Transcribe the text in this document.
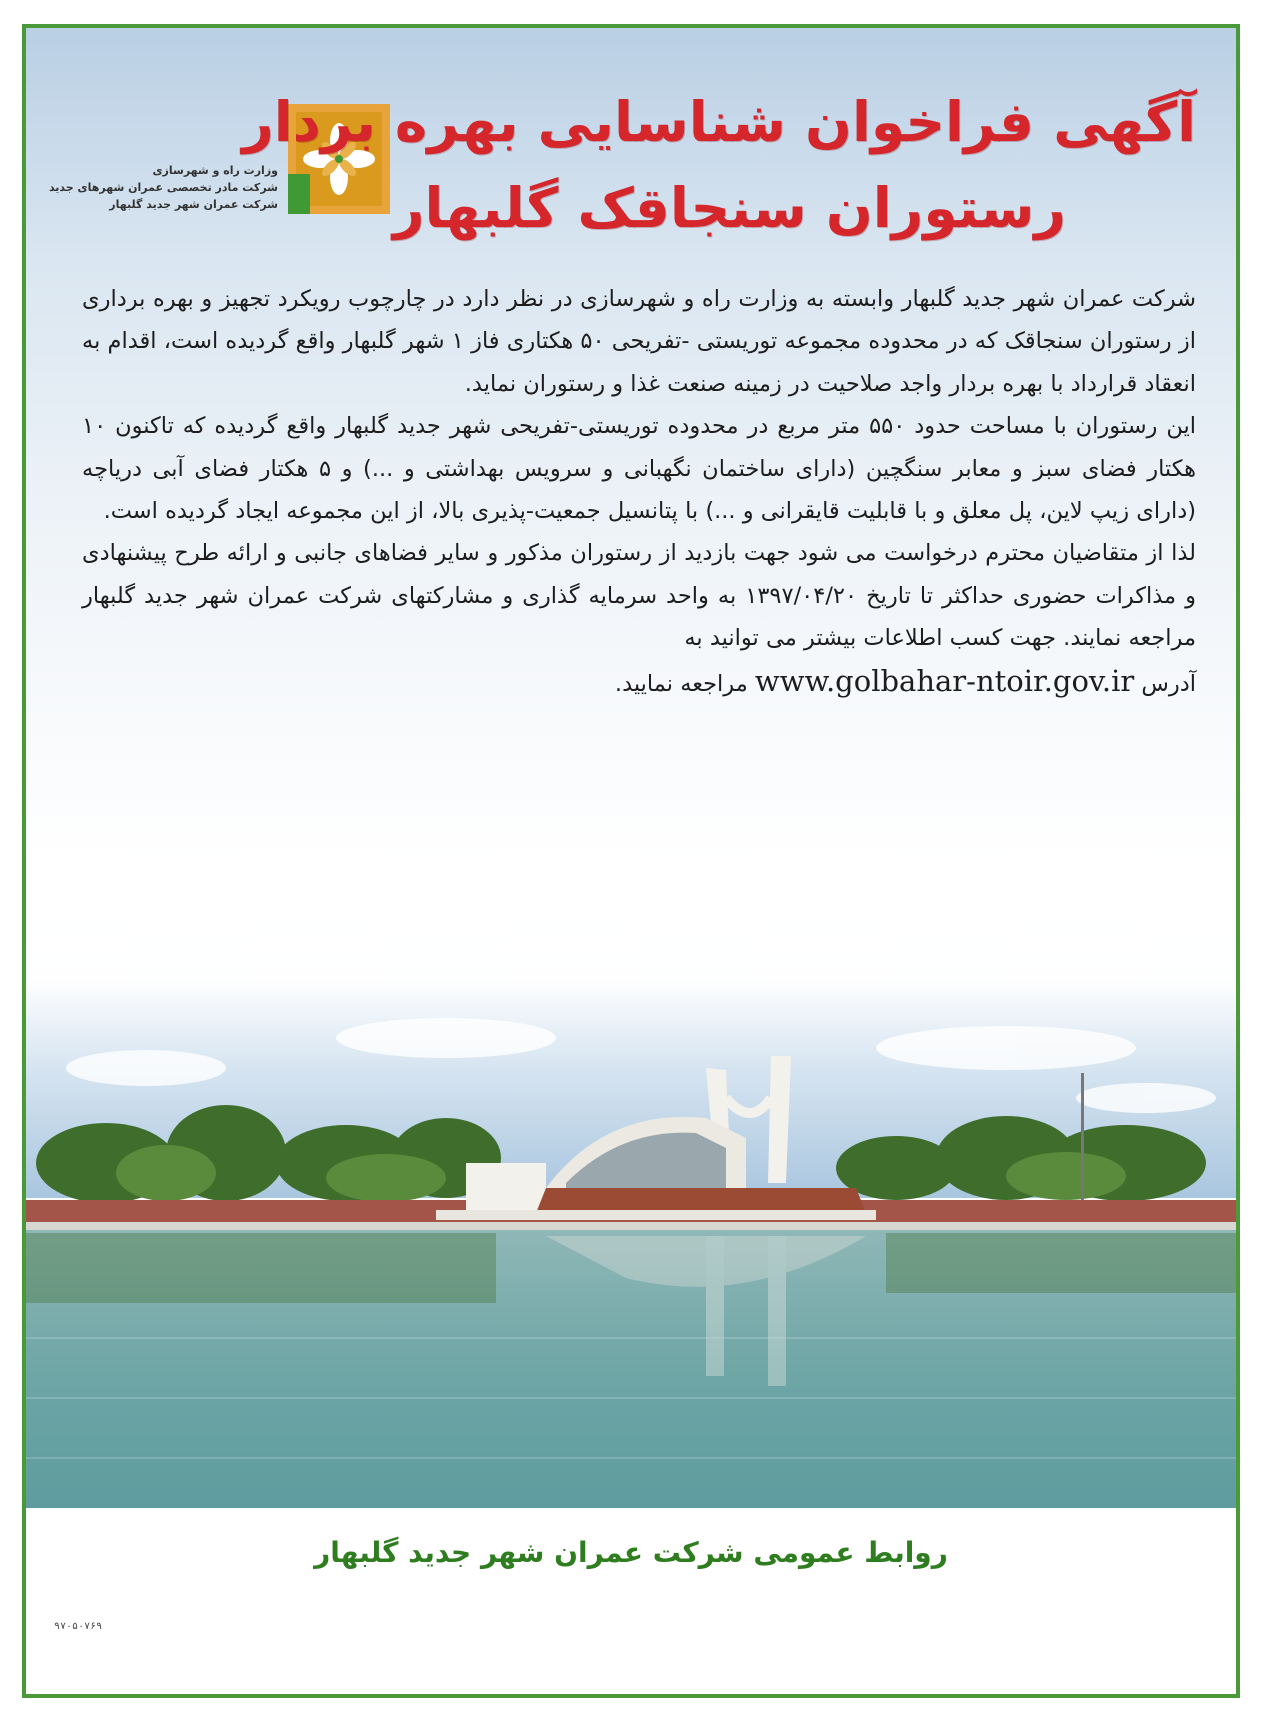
وزارت راه و شهرسازی
شرکت مادر تخصصی عمران شهرهای جدید
شرکت عمران شهر جدید گلبهار
آگهی فراخوان شناسایی بهره بردار
رستوران سنجاقک گلبهار

شرکت عمران شهر جدید گلبهار وابسته به وزارت راه و شهرسازی در نظر دارد در چارچوب رویکرد تجهیز و بهره برداری از رستوران سنجاقک که در محدوده مجموعه توریستی -تفریحی ۵۰ هکتاری فاز ۱ شهر گلبهار واقع گردیده است، اقدام به انعقاد قرارداد با بهره بردار واجد صلاحیت در زمینه صنعت غذا و رستوران نماید.

این رستوران با مساحت حدود ۵۵۰ متر مربع در محدوده توریستی-تفریحی شهر جدید گلبهار واقع گردیده که تاکنون ۱۰ هکتار فضای سبز و معابر سنگچین (دارای ساختمان نگهبانی و سرویس بهداشتی و ...) و ۵ هکتار فضای آبی دریاچه (دارای زیپ لاین، پل معلق و با قابلیت قایقرانی و ...) با پتانسیل جمعیت-پذیری بالا، از این مجموعه ایجاد گردیده است.

لذا از متقاضیان محترم درخواست می شود جهت بازدید از رستوران مذکور و سایر فضاهای جانبی و ارائه طرح پیشنهادی و مذاکرات حضوری حداکثر تا تاریخ ۱۳۹۷/۰۴/۲۰ به واحد سرمایه گذاری و مشارکتهای شرکت عمران شهر جدید گلبهار مراجعه نمایند. جهت کسب اطلاعات بیشتر می توانید به

آدرس www.golbahar-ntoir.gov.ir مراجعه نمایید.

روابط عمومی شرکت عمران شهر جدید گلبهار
۹۷۰۵۰۷۶۹
